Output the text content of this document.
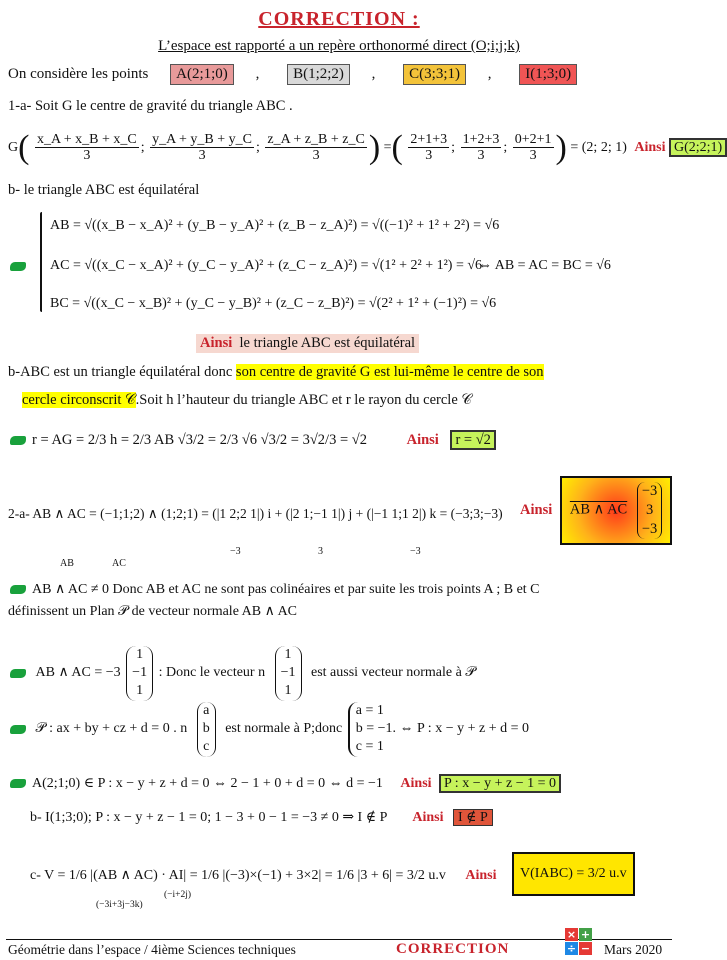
CORRECTION :
L’espace est rapporté a un repère orthonormé direct (O;i;j;k)
On considère les points A(2;1;0) , B(1;2;2) , C(3;3;1) , I(1;3;0)
1-a- Soit G le centre de gravité du triangle ABC .
$G( \frac{x\_A + x\_B + x\_C}{3}$ ; $\frac{y\_A + y\_B + y\_C}{3}$ ; $\frac{z\_A + z\_B + z\_C}{3}$ ) =( $\frac{2+1+3}{3}$ ; $\frac{1+2+3}{3}$ ; $\frac{0+2+1}{3}$ ) = (2; 2; 1) Ainsi G(2;2;1)
b- le triangle ABC est équilatéral
AB = √((x_B − x_A)² + (y_B − y_A)² + (z_B − z_A)²) = √((−1)² + 1² + 2²) = √6
AC = √((x_C − x_A)² + (y_C − y_A)² + (z_C − z_A)²) = √(1² + 2² + 1²) = √6
BC = √((x_C − x_B)² + (y_C − y_B)² + (z_C − z_B)²) = √(2² + 1² + (−1)²) = √6
⇔ AB = AC = BC = √6
Ainsi le triangle ABC est équilatéral
b-ABC est un triangle équilatéral donc son centre de gravité G est lui-même le centre de son
cercle circonscrit 𝒞.Soit h l’hauteur du triangle ABC et r le rayon du cercle 𝒞
r = AG = 2/3 h = 2/3 AB √3/2 = 2/3 √6 √3/2 = 3√2/3 = √2	Ainsi r = √2
2-a- AB ∧ AC = (−1;1;2) ∧ (1;2;1) = (|1 2;2 1|) i + (|2 1;−1 1|) j + (|−1 1;1 2|) k = (−3;3;−3)
AB	AC
−3	3	−3
Ainsi AB ∧ AC
−3
3
−3
AB ∧ AC ≠ 0 Donc AB et AC ne sont pas colinéaires et par suite les trois points A ; B et C
définissent un Plan 𝒫 de vecteur normale AB ∧ AC
AB ∧ AC = −3
1
−1
1
: Donc le vecteur n
1
−1
1
est aussi vecteur normale à 𝒫
𝒫 : ax + by + cz + d = 0 . n
a
b
c
est normale à P;donc
a = 1
b = −1. ⇔ P : x − y + z + d = 0
c = 1
A(2;1;0) ∈ P : x − y + z + d = 0 ⇔ 2 − 1 + 0 + d = 0 ⇔ d = −1 Ainsi P : x − y + z − 1 = 0
b- I(1;3;0); P : x − y + z − 1 = 0; 1 − 3 + 0 − 1 = −3 ≠ 0 ⇒ I ∉ P Ainsi I ∉ P
c- V = 1/6 |(AB ∧ AC) · AI| = 1/6 |(−3)×(−1) + 3×2| = 1/6 |3 + 6| = 3/2 u.v Ainsi
(−3i+3j−3k)
(−i+2j)
V(IABC) = 3/2 u.v
Géométrie dans l’espace / 4ième Sciences techniques	CORRECTION
× +
÷ − Mars 2020
